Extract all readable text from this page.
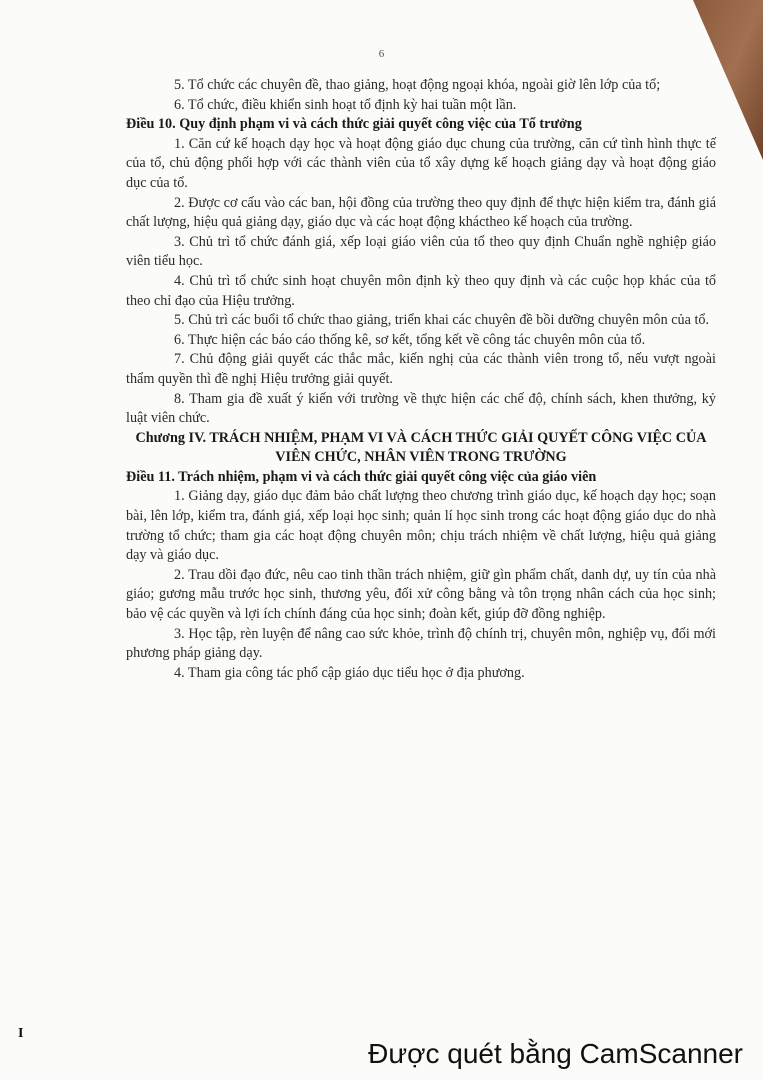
6

5. Tổ chức các chuyên đề, thao giảng, hoạt động ngoại khóa, ngoài giờ lên lớp của tổ;

6. Tổ chức, điều khiển sinh hoạt tổ định kỳ hai tuần một lần.

Điều 10. Quy định phạm vi và cách thức giải quyết công việc của Tổ trưởng

1. Căn cứ kế hoạch dạy học và hoạt động giáo dục chung của trường, căn cứ tình hình thực tế của tổ, chủ động phối hợp với các thành viên của tổ xây dựng kế hoạch giảng dạy và hoạt động giáo dục của tổ.

2. Được cơ cấu vào các ban, hội đồng của trường theo quy định để thực hiện kiểm tra, đánh giá chất lượng, hiệu quả giảng dạy, giáo dục và các hoạt động kháctheo kế hoạch của trường.

3. Chủ trì tổ chức đánh giá, xếp loại giáo viên của tổ theo quy định Chuẩn nghề nghiệp giáo viên tiểu học.

4. Chủ trì tổ chức sinh hoạt chuyên môn định kỳ theo quy định và các cuộc họp khác của tổ theo chỉ đạo của Hiệu trưởng.

5. Chủ trì các buổi tổ chức thao giảng, triển khai các chuyên đề bồi dưỡng chuyên môn của tổ.

6. Thực hiện các báo cáo thống kê, sơ kết, tổng kết về công tác chuyên môn của tổ.

7. Chủ động giải quyết các thắc mắc, kiến nghị của các thành viên trong tổ, nếu vượt ngoài thẩm quyền thì đề nghị Hiệu trưởng giải quyết.

8. Tham gia đề xuất ý kiến với trường về thực hiện các chế độ, chính sách, khen thưởng, kỷ luật viên chức.

Chương IV. TRÁCH NHIỆM, PHẠM VI VÀ CÁCH THỨC GIẢI QUYẾT CÔNG VIỆC CỦA VIÊN CHỨC, NHÂN VIÊN TRONG TRƯỜNG

Điều 11. Trách nhiệm, phạm vi và cách thức giải quyết công việc của giáo viên

1. Giảng dạy, giáo dục đảm bảo chất lượng theo chương trình giáo dục, kế hoạch dạy học; soạn bài, lên lớp, kiểm tra, đánh giá, xếp loại học sinh; quản lí học sinh trong các hoạt động giáo dục do nhà trường tổ chức; tham gia các hoạt động chuyên môn; chịu trách nhiệm về chất lượng, hiệu quả giảng dạy và giáo dục.

2. Trau dồi đạo đức, nêu cao tinh thần trách nhiệm, giữ gìn phẩm chất, danh dự, uy tín của nhà giáo; gương mẫu trước học sinh, thương yêu, đối xử công bằng và tôn trọng nhân cách của học sinh; bảo vệ các quyền và lợi ích chính đáng của học sinh; đoàn kết, giúp đỡ đồng nghiệp.

3. Học tập, rèn luyện để nâng cao sức khỏe, trình độ chính trị, chuyên môn, nghiệp vụ, đổi mới phương pháp giảng dạy.

4. Tham gia công tác phổ cập giáo dục tiểu học ở địa phương.

I
Được quét bằng CamScanner
